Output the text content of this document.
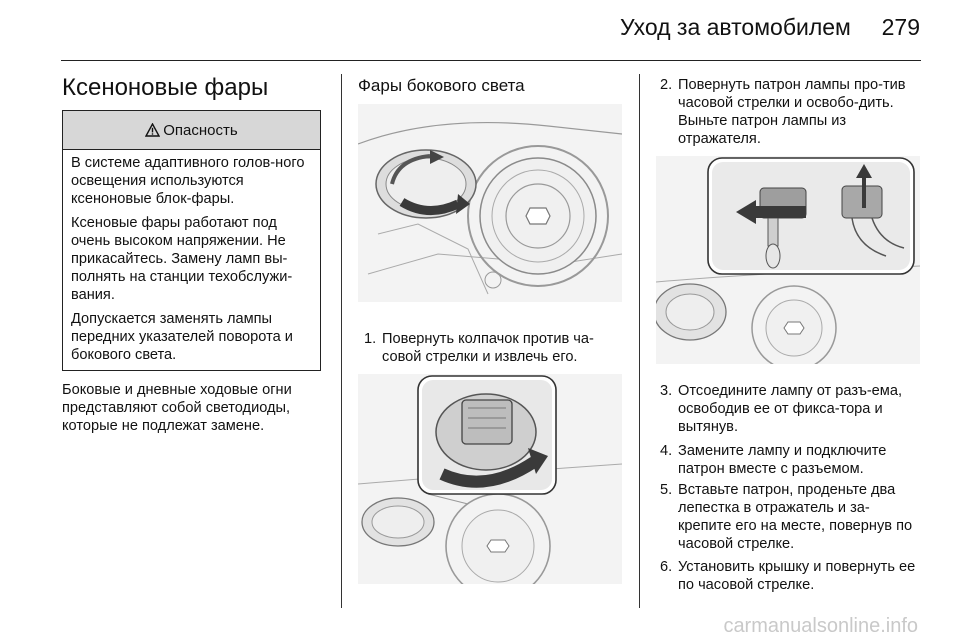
Уход за автомобилем 279
Ксеноновые фары
Опасность

В системе адаптивного голов-ного освещения используются ксеноновые блок-фары.

Ксеновые фары работают под очень высоком напряжении. Не прикасайтесь. Замену ламп вы-полнять на станции техобслужи-вания.

Допускается заменять лампы передних указателей поворота и бокового света.

Боковые и дневные ходовые огни представляют собой светодиоды, которые не подлежат замене.
Фары бокового света
1. Повернуть колпачок против ча-совой стрелки и извлечь его.
2. Повернуть патрон лампы про-тив часовой стрелки и освобо-дить. Выньте патрон лампы из отражателя.
3. Отсоедините лампу от разъ-ема, освободив ее от фикса-тора и вытянув.
4. Замените лампу и подключите патрон вместе с разъемом.
5. Вставьте патрон, проденьте два лепестка в отражатель и за-крепите его на месте, повернув по часовой стрелке.
6. Установить крышку и повернуть ее по часовой стрелке.
carmanualsonline.info
